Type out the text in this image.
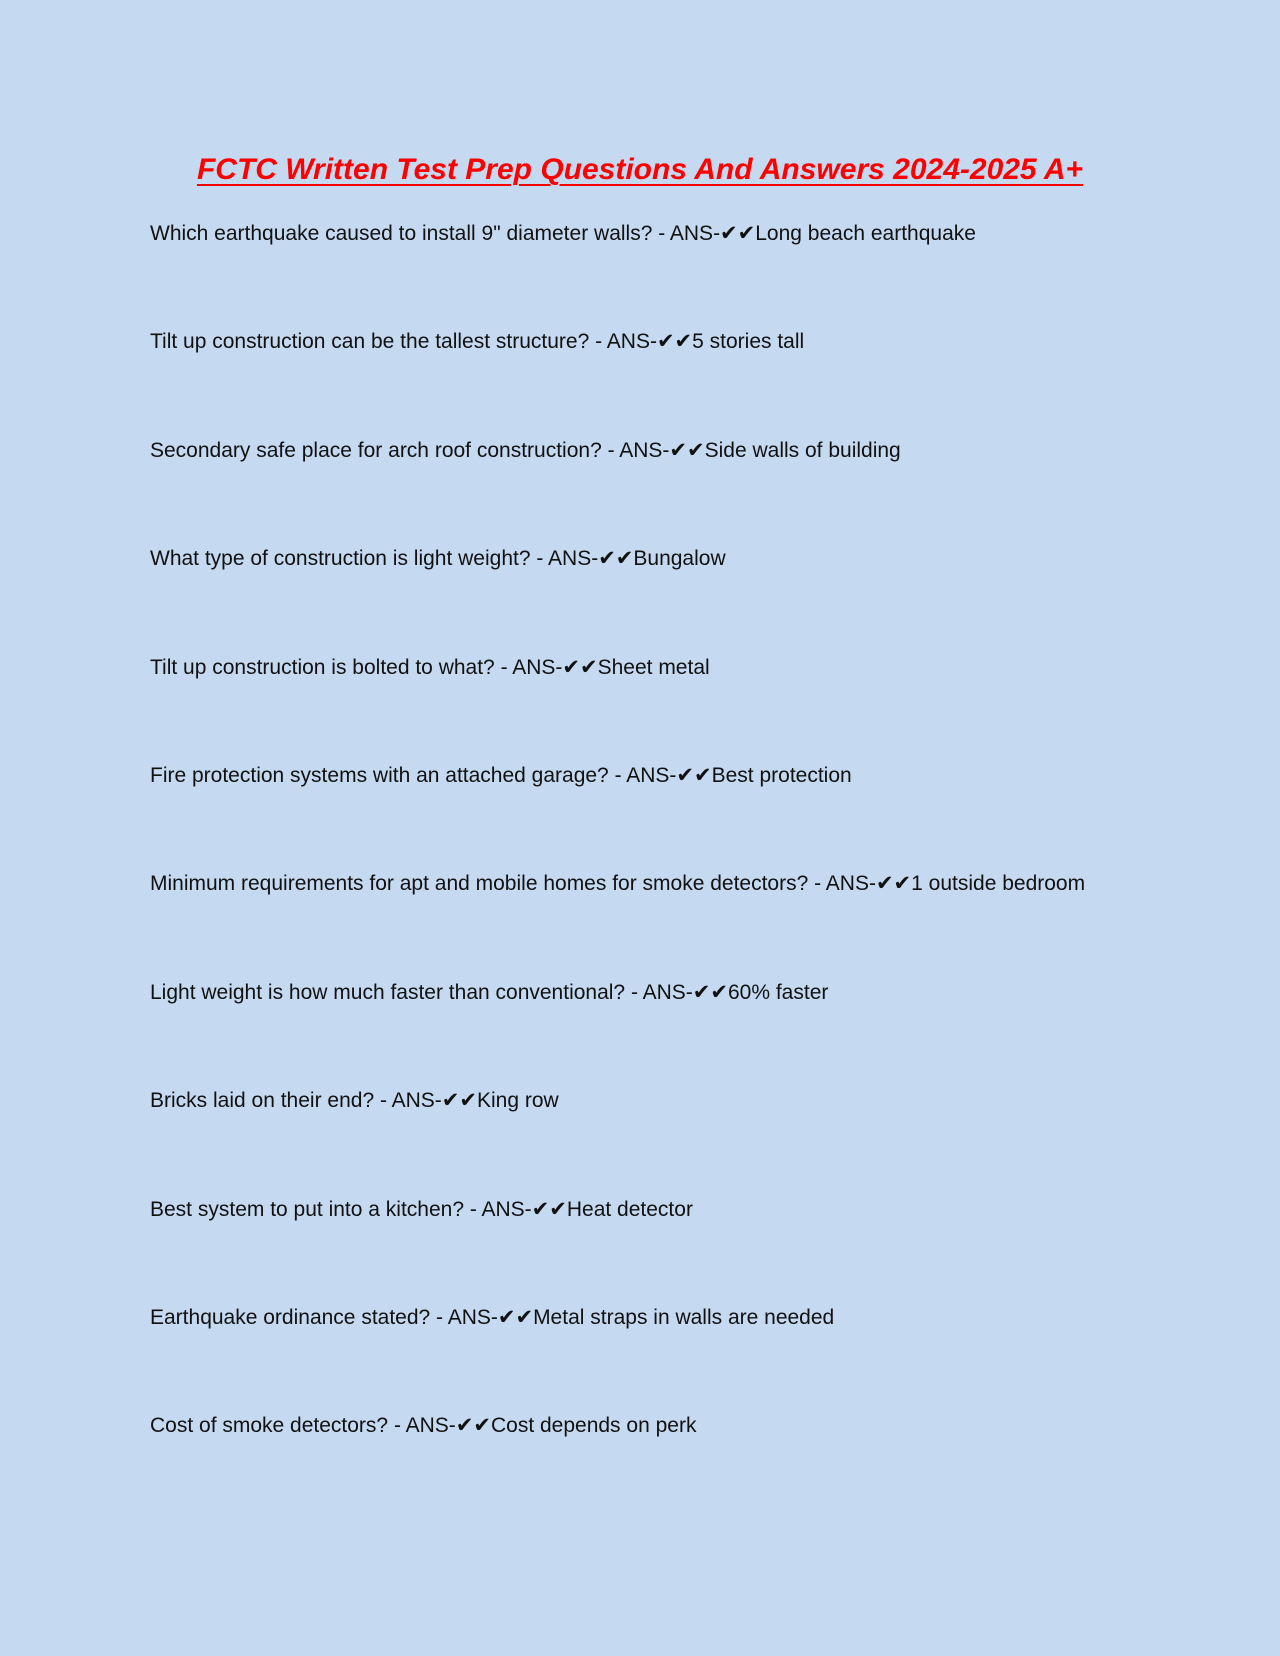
FCTC Written Test Prep Questions And Answers 2024-2025 A+
Which earthquake caused to install 9" diameter walls? - ANS-✔✔Long beach earthquake
Tilt up construction can be the tallest structure? - ANS-✔✔5 stories tall
Secondary safe place for arch roof construction? - ANS-✔✔Side walls of building
What type of construction is light weight? - ANS-✔✔Bungalow
Tilt up construction is bolted to what? - ANS-✔✔Sheet metal
Fire protection systems with an attached garage? - ANS-✔✔Best protection
Minimum requirements for apt and mobile homes for smoke detectors? - ANS-✔✔1 outside bedroom
Light weight is how much faster than conventional? - ANS-✔✔60% faster
Bricks laid on their end? - ANS-✔✔King row
Best system to put into a kitchen? - ANS-✔✔Heat detector
Earthquake ordinance stated? - ANS-✔✔Metal straps in walls are needed
Cost of smoke detectors? - ANS-✔✔Cost depends on perk
